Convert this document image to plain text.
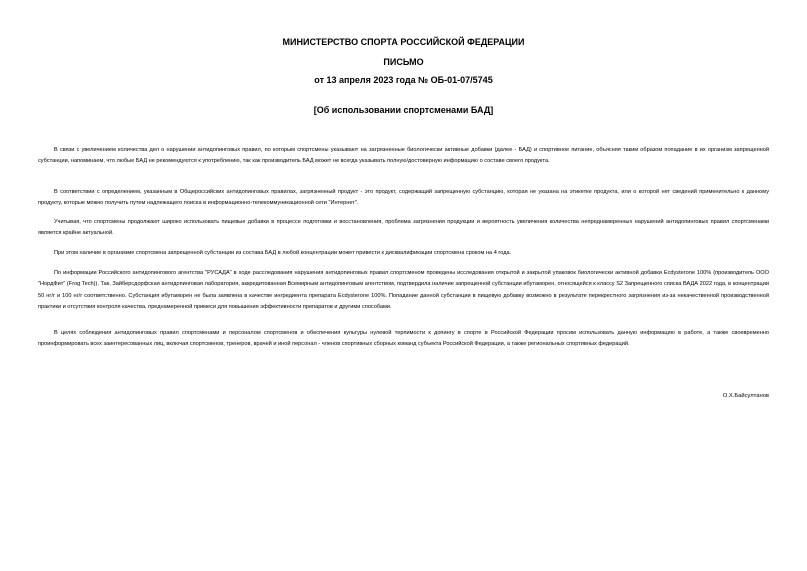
МИНИСТЕРСТВО СПОРТА РОССИЙСКОЙ ФЕДЕРАЦИИ
ПИСЬМО
от 13 апреля 2023 года № ОБ-01-07/5745
[Об использовании спортсменами БАД]

В связи с увеличением количества дел о нарушении антидопинговых правил, по которым спортсмены указывают на загрязненные биологически активные добавки (далее - БАД) и спортивное питание, объясняя таким образом попадание в их организм запрещенной субстанции, напоминаем, что любые БАД не рекомендуются к употреблению, так как производитель БАД может не всегда указывать полную/достоверную информацию о составе своего продукта.

В соответствии с определением, указанным в Общероссийских антидопинговых правилах, загрязненный продукт - это продукт, содержащий запрещенную субстанцию, которая не указана на этикетке продукта, или о которой нет сведений применительно к данному продукту, которые можно получить путем надлежащего поиска в информационно-телекоммуникационной сети "Интернет".

Учитывая, что спортсмены продолжают широко использовать пищевые добавки в процессе подготовки и восстановления, проблема загрязнения продукции и вероятность увеличения количества непреднамеренных нарушений антидопинговых правил спортсменами является крайне актуальной.

При этом наличие в организме спортсмена запрещенной субстанции из состава БАД в любой концентрации может привести к дисквалификации спортсмена сроком на 4 года.

По информации Российского антидопингового агентства "РУСАДА" в ходе расследования нарушения антидопинговых правил спортсменом проведены исследования открытой и закрытой упаковок биологически активной добавки Ecdysterone 100% (производитель ООО "НордФит" (Frog Tech)). Так, Зайберсдорфская антидопинговая лаборатория, аккредитованная Всемирным антидопинговым агентством, подтвердила наличие запрещенной субстанции ибутаморен, относящейся к классу S2 Запрещенного списка ВАДА 2022 года, в концентрации 50 нг/г и 100 нг/г соответственно. Субстанция ибутаморен не была заявлена в качестве ингредиента препарата Ecdysterone 100%. Попадание данной субстанции в пищевую добавку возможно в результате перекрестного загрязнения из-за некачественной производственной практики и отсутствия контроля качества, преднамеренной примеси для повышения эффективности препаратов и другими способами.

В целях соблюдения антидопинговых правил спортсменами и персоналом спортсменов и обеспечения культуры нулевой терпимости к допингу в спорте в Российской Федерации просим использовать данную информацию в работе, а также своевременно проинформировать всех заинтересованных лиц, включая спортсменов, тренеров, врачей и иной персонал - членов спортивных сборных команд субъекта Российской Федерации, а также региональных спортивных федераций.

О.Х.Байсултанов
